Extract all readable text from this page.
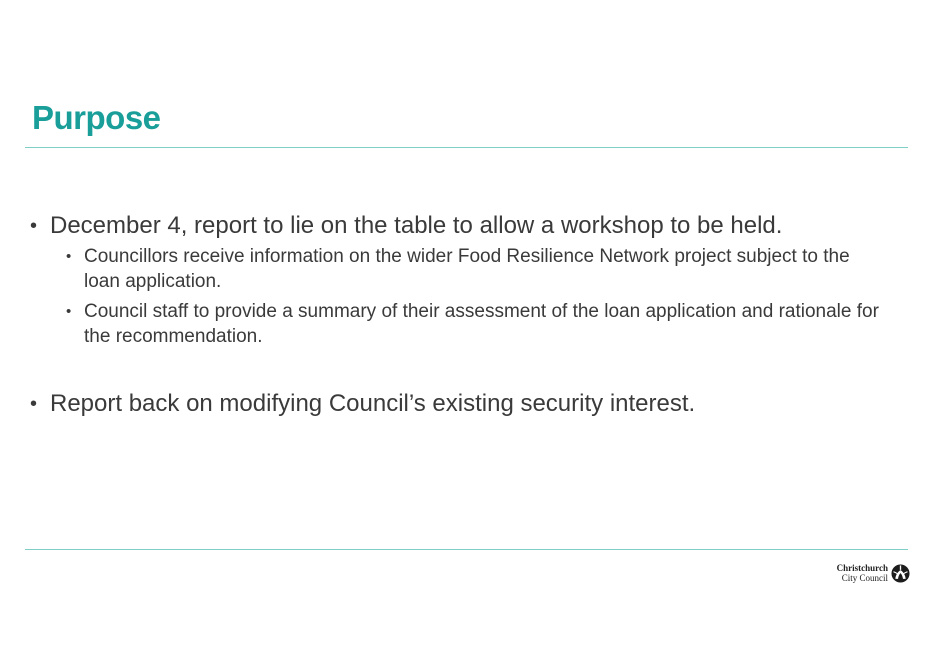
Purpose
• December 4, report to lie on the table to allow a workshop to be held.
• Councillors receive information on the wider Food Resilience Network project subject to the loan application.
• Council staff to provide a summary of their assessment of the loan application and rationale for the recommendation.
• Report back on modifying Council’s existing security interest.
Christchurch
City Council
